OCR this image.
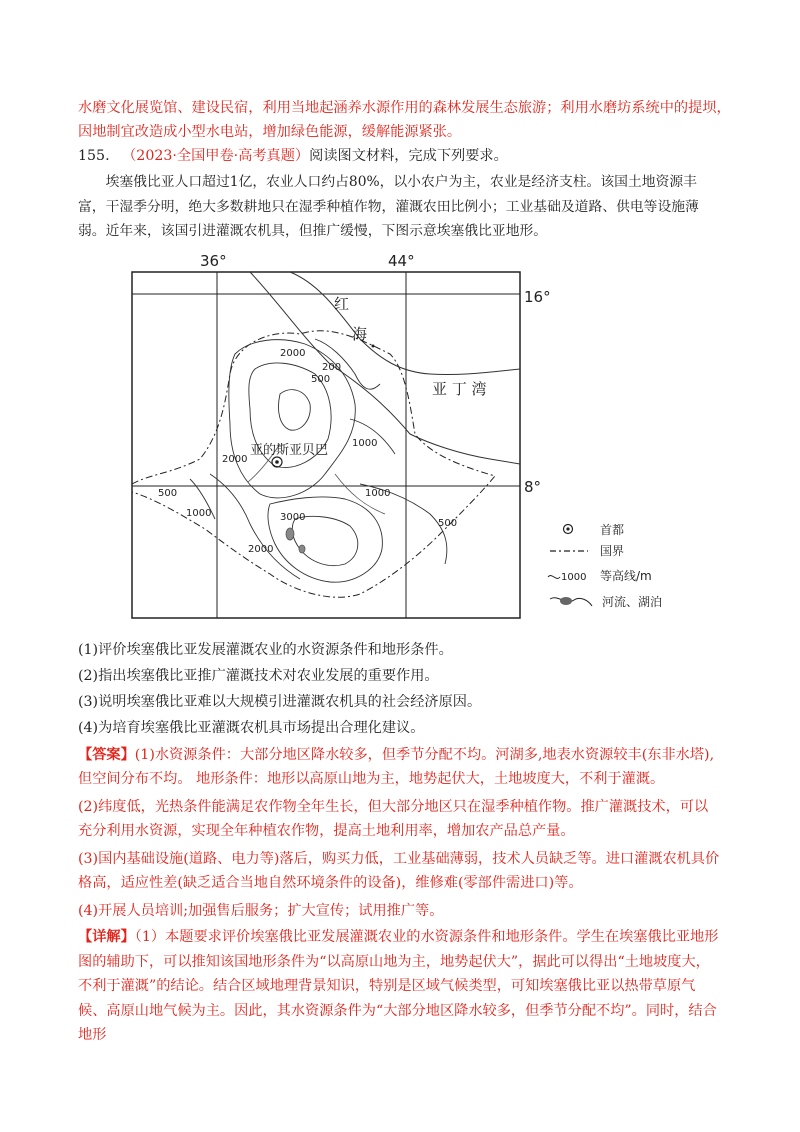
水磨文化展览馆、建设民宿，利用当地起涵养水源作用的森林发展生态旅游；利用水磨坊系统中的提坝，
因地制宜改造成小型水电站，增加绿色能源，缓解能源紧张。
155. （2023·全国甲卷·高考真题）阅读图文材料，完成下列要求。
埃塞俄比亚人口超过1亿，农业人口约占80%，以小农户为主，农业是经济支柱。该国土地资源丰富，干湿季分明，绝大多数耕地只在湿季种植作物，灌溉农田比例小；工业基础及道路、供电等设施薄弱。近年来，该国引进灌溉农机具，但推广缓慢，下图示意埃塞俄比亚地形。
2000
200
500
1000
2000
1000
500
1000	3000
500
2000
36°	44°
16°
8°
红
海
亚 丁 湾
亚的斯亚贝巴
首都
国界
1000 等高线/m
河流、湖泊
(1)评价埃塞俄比亚发展灌溉农业的水资源条件和地形条件。
(2)指出埃塞俄比亚推广灌溉技术对农业发展的重要作用。
(3)说明埃塞俄比亚难以大规模引进灌溉农机具的社会经济原因。
(4)为培育埃塞俄比亚灌溉农机具市场提出合理化建议。
【答案】(1)水资源条件：大部分地区降水较多，但季节分配不均。河湖多,地表水资源较丰(东非水塔),但空间分布不均。 地形条件：地形以高原山地为主，地势起伏大，土地坡度大，不利于灌溉。
(2)纬度低，光热条件能满足农作物全年生长，但大部分地区只在湿季种植作物。推广灌溉技术，可以充分利用水资源，实现全年种植农作物，提高土地利用率，增加农产品总产量。
(3)国内基础设施(道路、电力等)落后，购买力低，工业基础薄弱，技术人员缺乏等。进口灌溉农机具价格高，适应性差(缺乏适合当地自然环境条件的设备)，维修难(零部件需进口)等。
(4)开展人员培训;加强售后服务；扩大宣传；试用推广等。
【详解】（1）本题要求评价埃塞俄比亚发展灌溉农业的水资源条件和地形条件。学生在埃塞俄比亚地形图的辅助下，可以推知该国地形条件为“以高原山地为主，地势起伏大”，据此可以得出“土地坡度大，不利于灌溉”的结论。结合区域地理背景知识，特别是区域气候类型，可知埃塞俄比亚以热带草原气候、高原山地气候为主。因此，其水资源条件为“大部分地区降水较多，但季节分配不均”。同时，结合地形
